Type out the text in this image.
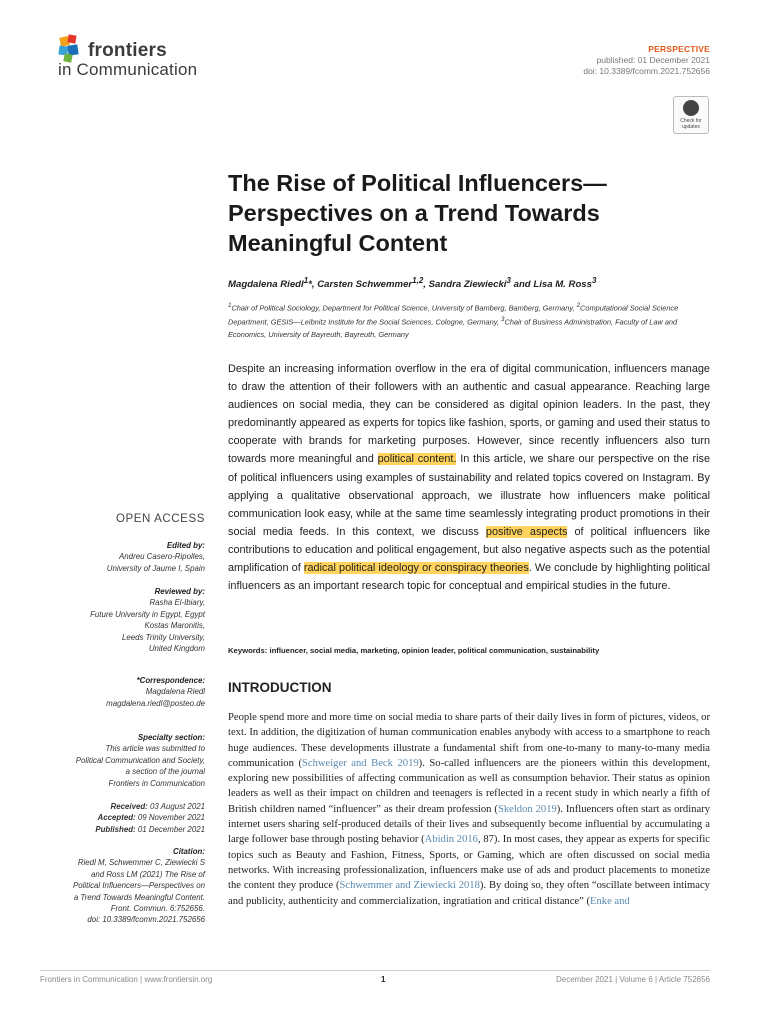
frontiers
in Communication
PERSPECTIVE
published: 01 December 2021
doi: 10.3389/fcomm.2021.752656
Check for updates
The Rise of Political Influencers—Perspectives on a Trend Towards Meaningful Content
Magdalena Riedl$^1$*, Carsten Schwemmer$^{1,2}$, Sandra Ziewiecki$^3$ and Lisa M. Ross$^3$
$^1$Chair of Political Sociology, Department for Political Science, University of Bamberg, Bamberg, Germany, $^2$Computational Social Science Department, GESIS—Leibnitz Institute for the Social Sciences, Cologne, Germany, $^3$Chair of Business Administration, Faculty of Law and Economics, University of Bayreuth, Bayreuth, Germany
Despite an increasing information overflow in the era of digital communication, influencers manage to draw the attention of their followers with an authentic and casual appearance. Reaching large audiences on social media, they can be considered as digital opinion leaders. In the past, they predominantly appeared as experts for topics like fashion, sports, or gaming and used their status to cooperate with brands for marketing purposes. However, since recently influencers also turn towards more meaningful and political content. In this article, we share our perspective on the rise of political influencers using examples of sustainability and related topics covered on Instagram. By applying a qualitative observational approach, we illustrate how influencers make political communication look easy, while at the same time seamlessly integrating product promotions in their social media feeds. In this context, we discuss positive aspects of political influencers like contributions to education and political engagement, but also negative aspects such as the potential amplification of radical political ideology or conspiracy theories. We conclude by highlighting political influencers as an important research topic for conceptual and empirical studies in the future.
Keywords: influencer, social media, marketing, opinion leader, political communication, sustainability
OPEN ACCESS
Edited by:
Andreu Casero-Ripolles,
University of Jaume I, Spain
Reviewed by:
Rasha El-Ibiary,
Future University in Egypt, Egypt
Kostas Maronitis,
Leeds Trinity University,
United Kingdom
*Correspondence:
Magdalena Riedl
magdalena.riedl@posteo.de
Specialty section:
This article was submitted to
Political Communication and Society,
a section of the journal
Frontiers in Communication
Received: 03 August 2021
Accepted: 09 November 2021
Published: 01 December 2021
Citation:
Riedl M, Schwemmer C, Ziewiecki S
and Ross LM (2021) The Rise of
Political Influencers—Perspectives on
a Trend Towards Meaningful Content.
Front. Commun. 6:752656.
doi: 10.3389/fcomm.2021.752656
INTRODUCTION
People spend more and more time on social media to share parts of their daily lives in form of pictures, videos, or text. In addition, the digitization of human communication enables anybody with access to a smartphone to reach huge audiences. These developments illustrate a fundamental shift from one-to-many to many-to-many media communication (Schweiger and Beck 2019). So-called influencers are the pioneers within this development, exploring new possibilities of affecting communication as well as consumption behavior. Their status as opinion leaders as well as their impact on children and teenagers is reflected in a recent study in which nearly a fifth of British children named “influencer” as their dream profession (Skeldon 2019). Influencers often start as ordinary internet users sharing self-produced details of their lives and subsequently become influential by accumulating a large follower base through posting behavior (Abidin 2016, 87). In most cases, they appear as experts for specific topics such as Beauty and Fashion, Fitness, Sports, or Gaming, which are often discussed on social media networks. With increasing professionalization, influencers make use of ads and product placements to monetize the content they produce (Schwemmer and Ziewiecki 2018). By doing so, they often “oscillate between intimacy and publicity, authenticity and commercialization, ingratiation and critical distance” (Enke and
Frontiers in Communication | www.frontiersin.org	1	December 2021 | Volume 6 | Article 752656
